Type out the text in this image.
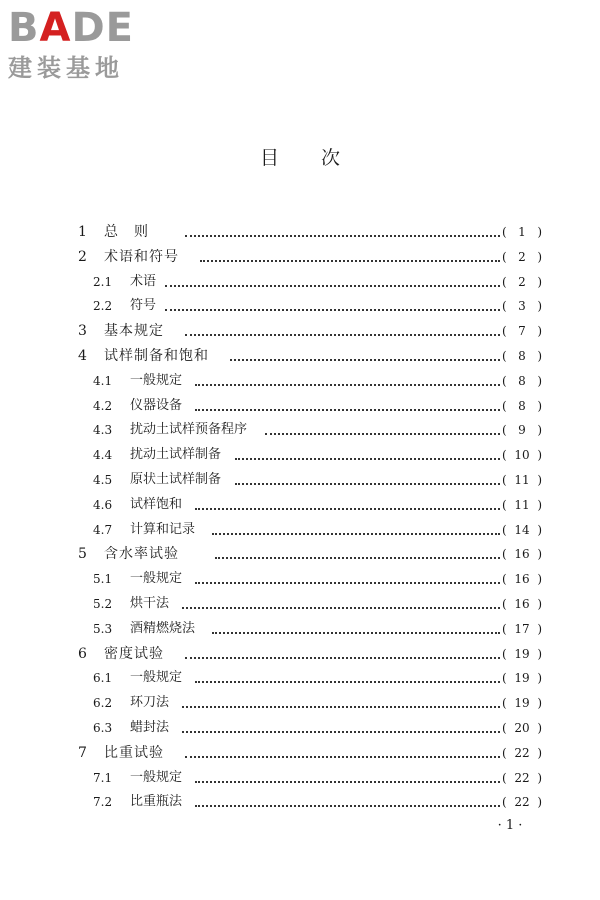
BADE
建装基地
目次
1 总　则	( 1 )
2 术语和符号	( 2 )
2.1 术语	( 2 )
2.2 符号	( 3 )
3 基本规定	( 7 )
4 试样制备和饱和	( 8 )
4.1 一般规定	( 8 )
4.2 仪器设备	( 8 )
4.3 扰动土试样预备程序	( 9 )
4.4 扰动土试样制备	( 10 )
4.5 原状土试样制备	( 11 )
4.6 试样饱和	( 11 )
4.7 计算和记录	( 14 )
5 含水率试验	( 16 )
5.1 一般规定	( 16 )
5.2 烘干法	( 16 )
5.3 酒精燃烧法	( 17 )
6 密度试验	( 19 )
6.1 一般规定	( 19 )
6.2 环刀法	( 19 )
6.3 蜡封法	( 20 )
7 比重试验	( 22 )
7.1 一般规定	( 22 )
7.2 比重瓶法	( 22 )
· 1 ·
